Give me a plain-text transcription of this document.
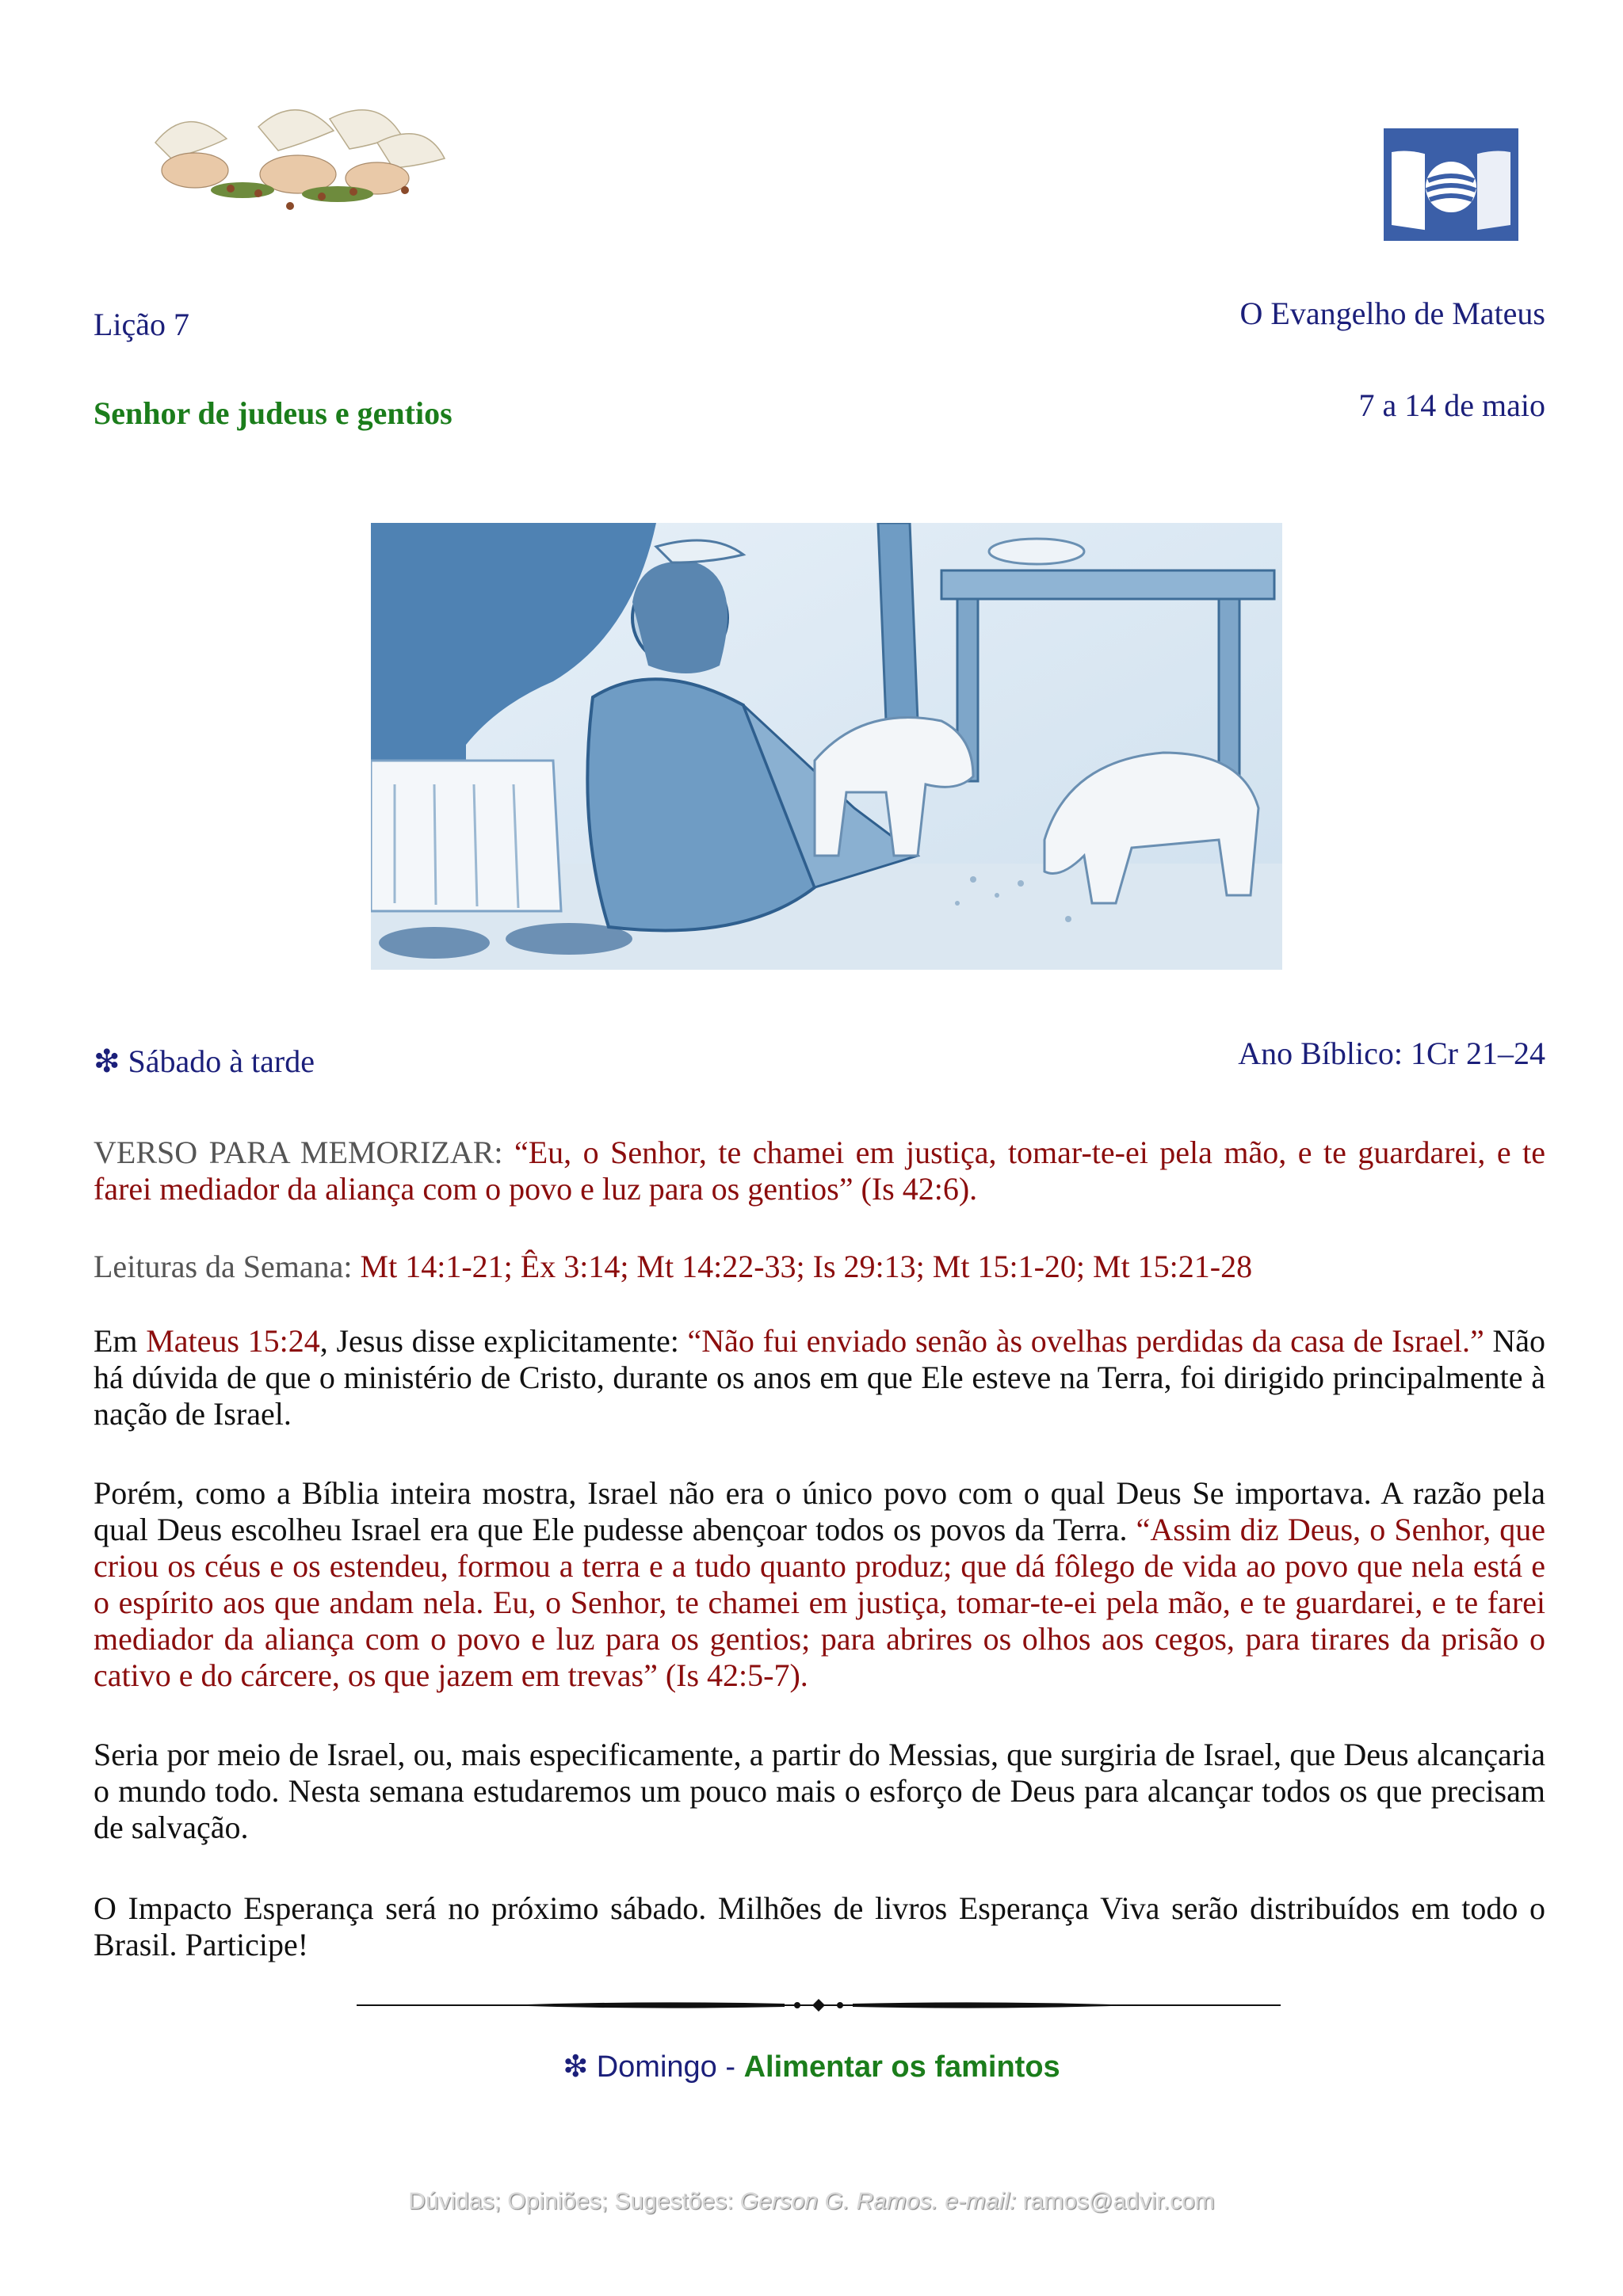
Lição 7	O Evangelho de Mateus
Senhor de judeus e gentios	7 a 14 de maio
❇ Sábado à tarde	Ano Bíblico: 1Cr 21–24
VERSO PARA MEMORIZAR: “Eu, o Senhor, te chamei em justiça, tomar-te-ei pela mão, e te guardarei, e te farei mediador da aliança com o povo e luz para os gentios” (Is 42:6).
Leituras da Semana: Mt 14:1-21; Êx 3:14; Mt 14:22-33; Is 29:13; Mt 15:1-20; Mt 15:21-28
Em Mateus 15:24, Jesus disse explicitamente: “Não fui enviado senão às ovelhas perdidas da casa de Israel.” Não há dúvida de que o ministério de Cristo, durante os anos em que Ele esteve na Terra, foi dirigido principalmente à nação de Israel.
Porém, como a Bíblia inteira mostra, Israel não era o único povo com o qual Deus Se importava. A razão pela qual Deus escolheu Israel era que Ele pudesse abençoar todos os povos da Terra. “Assim diz Deus, o Senhor, que criou os céus e os estendeu, formou a terra e a tudo quanto produz; que dá fôlego de vida ao povo que nela está e o espírito aos que andam nela. Eu, o Senhor, te chamei em justiça, tomar-te-ei pela mão, e te guardarei, e te farei mediador da aliança com o povo e luz para os gentios; para abrires os olhos aos cegos, para tirares da prisão o cativo e do cárcere, os que jazem em trevas” (Is 42:5-7).
Seria por meio de Israel, ou, mais especificamente, a partir do Messias, que surgiria de Israel, que Deus alcançaria o mundo todo. Nesta semana estudaremos um pouco mais o esforço de Deus para alcançar todos os que precisam de salvação.
O Impacto Esperança será no próximo sábado. Milhões de livros Esperança Viva serão distribuídos em todo o Brasil. Participe!
❇ Domingo - Alimentar os famintos
Dúvidas; Opiniões; Sugestões: Gerson G. Ramos. e-mail: ramos@advir.com
